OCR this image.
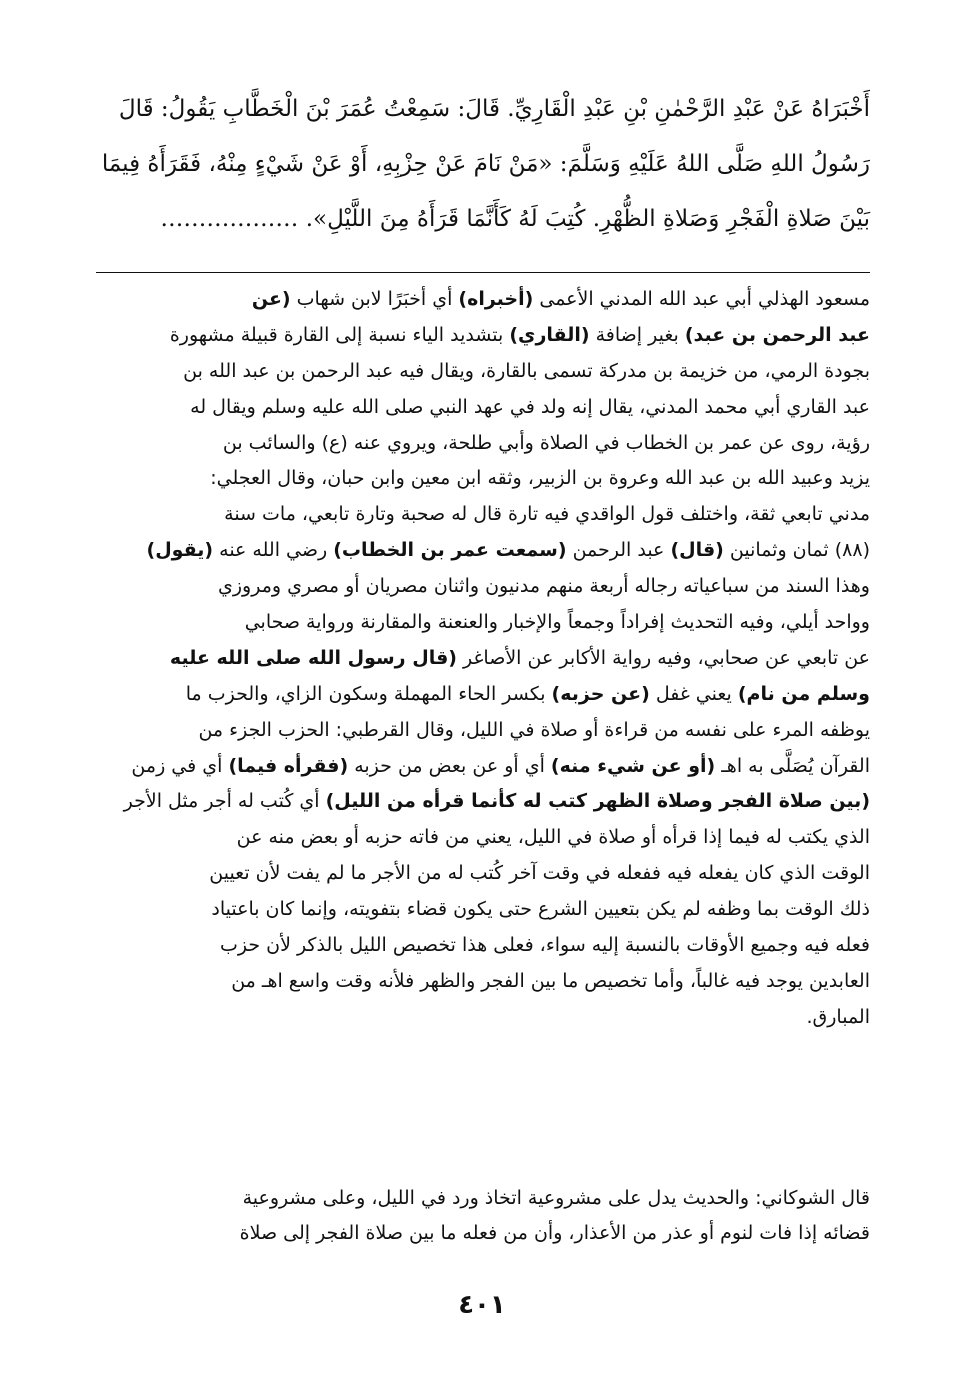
أَخْبَرَاهُ عَنْ عَبْدِ الرَّحْمٰنِ بْنِ عَبْدِ الْقَارِيِّ. قَالَ: سَمِعْتُ عُمَرَ بْنَ الْخَطَّابِ يَقُولُ: قَالَ
رَسُولُ اللهِ صَلَّى اللهُ عَلَيْهِ وَسَلَّمَ: «مَنْ نَامَ عَنْ حِزْبِهِ، أَوْ عَنْ شَيْءٍ مِنْهُ، فَقَرَأَهُ فِيمَا
بَيْنَ صَلاةِ الْفَجْرِ وَصَلاةِ الظُّهْرِ. كُتِبَ لَهُ كَأَنَّمَا قَرَأَهُ مِنَ اللَّيْلِ». ………………
مسعود الهذلي أبي عبد الله المدني الأعمى (أخبراه) أي أخبَرًا لابن شهاب (عن
عبد الرحمن بن عبد) بغير إضافة (القاري) بتشديد الياء نسبة إلى القارة قبيلة مشهورة
بجودة الرمي، من خزيمة بن مدركة تسمى بالقارة، ويقال فيه عبد الرحمن بن عبد الله بن
عبد القاري أبي محمد المدني، يقال إنه ولد في عهد النبي صلى الله عليه وسلم ويقال له
رؤية، روى عن عمر بن الخطاب في الصلاة وأبي طلحة، ويروي عنه (ع) والسائب بن
يزيد وعبيد الله بن عبد الله وعروة بن الزبير، وثقه ابن معين وابن حبان، وقال العجلي:
مدني تابعي ثقة، واختلف قول الواقدي فيه تارة قال له صحبة وتارة تابعي، مات سنة
(٨٨) ثمان وثمانين (قال) عبد الرحمن (سمعت عمر بن الخطاب) رضي الله عنه (يقول)
وهذا السند من سباعياته رجاله أربعة منهم مدنيون واثنان مصريان أو مصري ومروزي
وواحد أيلي، وفيه التحديث إفراداً وجمعاً والإخبار والعنعنة والمقارنة ورواية صحابي
عن تابعي عن صحابي، وفيه رواية الأكابر عن الأصاغر (قال رسول الله صلى الله عليه
وسلم من نام) يعني غفل (عن حزبه) بكسر الحاء المهملة وسكون الزاي، والحزب ما
يوظفه المرء على نفسه من قراءة أو صلاة في الليل، وقال القرطبي: الحزب الجزء من
القرآن يُصَلَّى به اهـ (أو عن شيء منه) أي أو عن بعض من حزبه (فقرأه فيما) أي في زمن
(بين صلاة الفجر وصلاة الظهر كتب له كأنما قرأه من الليل) أي كُتب له أجر مثل الأجر
الذي يكتب له فيما إذا قرأه أو صلاة في الليل، يعني من فاته حزبه أو بعض منه عن
الوقت الذي كان يفعله فيه ففعله في وقت آخر كُتب له من الأجر ما لم يفت لأن تعيين
ذلك الوقت بما وظفه لم يكن بتعيين الشرع حتى يكون قضاء بتفويته، وإنما كان باعتياد
فعله فيه وجميع الأوقات بالنسبة إليه سواء، فعلى هذا تخصيص الليل بالذكر لأن حزب
العابدين يوجد فيه غالباً، وأما تخصيص ما بين الفجر والظهر فلأنه وقت واسع اهـ من
المبارق.
قال الشوكاني: والحديث يدل على مشروعية اتخاذ ورد في الليل، وعلى مشروعية
قضائه إذا فات لنوم أو عذر من الأعذار، وأن من فعله ما بين صلاة الفجر إلى صلاة
٤٠١
